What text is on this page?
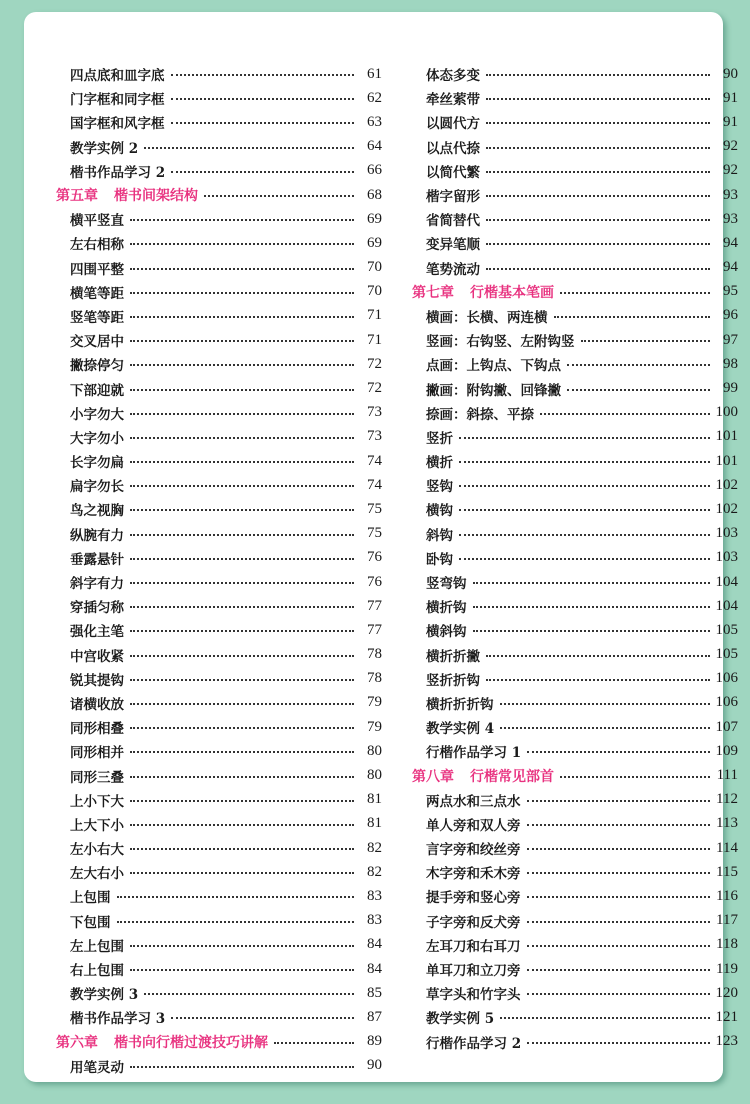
四点底和皿字底	61
门字框和同字框	62
国字框和风字框	63
教学实例 2	64
楷书作品学习 2	66
第五章 楷书间架结构	68
横平竖直	69
左右相称	69
四围平整	70
横笔等距	70
竖笔等距	71
交叉居中	71
撇捺停匀	72
下部迎就	72
小字勿大	73
大字勿小	73
长字勿扁	74
扁字勿长	74
鸟之视胸	75
纵腕有力	75
垂露悬针	76
斜字有力	76
穿插匀称	77
强化主笔	77
中宫收紧	78
锐其提钩	78
诸横收放	79
同形相叠	79
同形相并	80
同形三叠	80
上小下大	81
上大下小	81
左小右大	82
左大右小	82
上包围	83
下包围	83
左上包围	84
右上包围	84
教学实例 3	85
楷书作品学习 3	87
第六章 楷书向行楷过渡技巧讲解	89
用笔灵动	90
体态多变	90
牵丝萦带	91
以圆代方	91
以点代捺	92
以简代繁	92
楷字留形	93
省简替代	93
变异笔顺	94
笔势流动	94
第七章 行楷基本笔画	95
横画：长横、两连横	96
竖画：右钩竖、左附钩竖	97
点画：上钩点、下钩点	98
撇画：附钩撇、回锋撇	99
捺画：斜捺、平捺	100
竖折	101
横折	101
竖钩	102
横钩	102
斜钩	103
卧钩	103
竖弯钩	104
横折钩	104
横斜钩	105
横折折撇	105
竖折折钩	106
横折折折钩	106
教学实例 4	107
行楷作品学习 1	109
第八章 行楷常见部首	111
两点水和三点水	112
单人旁和双人旁	113
言字旁和绞丝旁	114
木字旁和禾木旁	115
提手旁和竖心旁	116
子字旁和反犬旁	117
左耳刀和右耳刀	118
单耳刀和立刀旁	119
草字头和竹字头	120
教学实例 5	121
行楷作品学习 2	123
